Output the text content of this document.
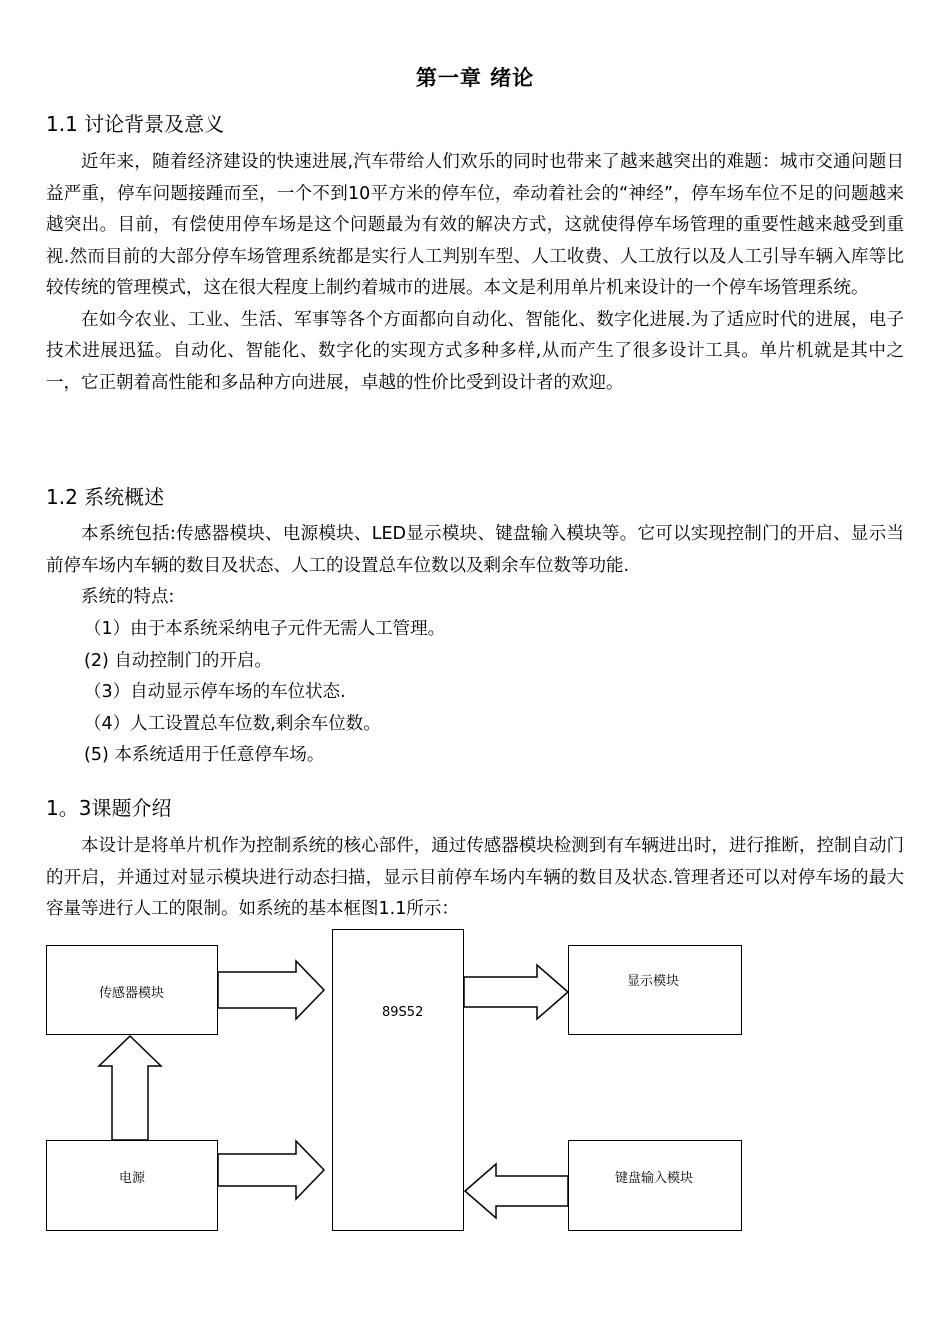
第一章 绪论
1.1 讨论背景及意义

近年来，随着经济建设的快速进展,汽车带给人们欢乐的同时也带来了越来越突出的难题：城市交通问题日益严重，停车问题接踵而至，一个不到10平方米的停车位，牵动着社会的“神经”，停车场车位不足的问题越来越突出。目前，有偿使用停车场是这个问题最为有效的解决方式，这就使得停车场管理的重要性越来越受到重视.然而目前的大部分停车场管理系统都是实行人工判别车型、人工收费、人工放行以及人工引导车辆入库等比较传统的管理模式，这在很大程度上制约着城市的进展。本文是利用单片机来设计的一个停车场管理系统。

在如今农业、工业、生活、军事等各个方面都向自动化、智能化、数字化进展.为了适应时代的进展，电子技术进展迅猛。自动化、智能化、数字化的实现方式多种多样,从而产生了很多设计工具。单片机就是其中之一，它正朝着高性能和多品种方向进展，卓越的性价比受到设计者的欢迎。

1.2 系统概述

本系统包括:传感器模块、电源模块、LED显示模块、键盘输入模块等。它可以实现控制门的开启、显示当前停车场内车辆的数目及状态、人工的设置总车位数以及剩余车位数等功能.

系统的特点:

（1）由于本系统采纳电子元件无需人工管理。
(2) 自动控制门的开启。
（3）自动显示停车场的车位状态.
（4）人工设置总车位数,剩余车位数。
(5) 本系统适用于任意停车场。
1。3课题介绍

本设计是将单片机作为控制系统的核心部件，通过传感器模块检测到有车辆进出时，进行推断，控制自动门的开启，并通过对显示模块进行动态扫描，显示目前停车场内车辆的数目及状态.管理者还可以对停车场的最大容量等进行人工的限制。如系统的基本框图1.1所示：

传感器模块
电源
89S52
显示模块
键盘输入模块
